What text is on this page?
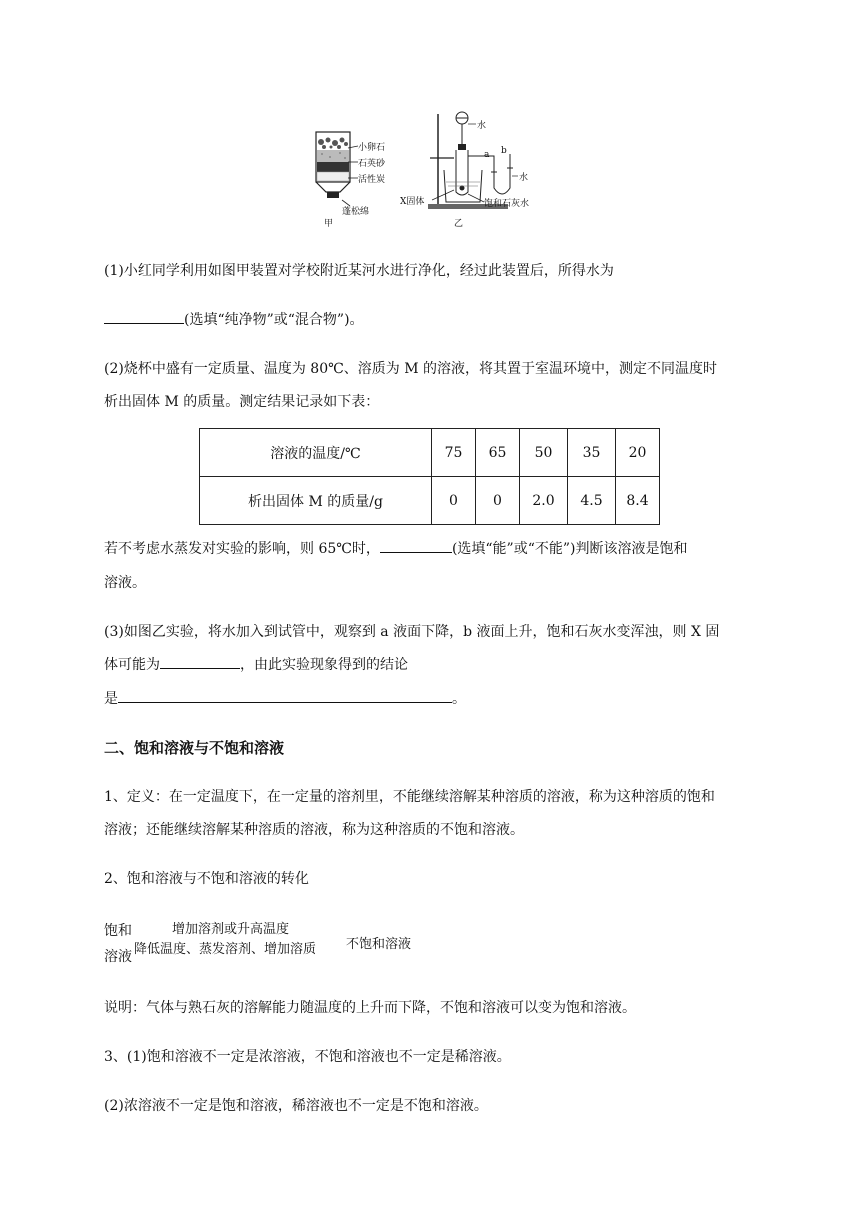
小卵石
石英砂
活性炭
蓬松绵
甲
水
a b
水
X固体	饱和石灰水
乙
(1)小红同学利用如图甲装置对学校附近某河水进行净化，经过此装置后，所得水为
(选填“纯净物”或“混合物”)。
(2)烧杯中盛有一定质量、温度为 80℃、溶质为 M 的溶液，将其置于室温环境中，测定不同温度时
析出固体 M 的质量。测定结果记录如下表：
溶液的温度/℃	75	65	50	35	20
析出固体 M 的质量/g	0	0	2.0	4.5	8.4
若不考虑水蒸发对实验的影响，则 65℃时，	(选填“能”或“不能”)判断该溶液是饱和
溶液。
(3)如图乙实验，将水加入到试管中，观察到 a 液面下降，b 液面上升，饱和石灰水变浑浊，则 X 固
体可能为	，由此实验现象得到的结论
是	。
二、饱和溶液与不饱和溶液
1、定义：在一定温度下，在一定量的溶剂里，不能继续溶解某种溶质的溶液，称为这种溶质的饱和
溶液；还能继续溶解某种溶质的溶液，称为这种溶质的不饱和溶液。
2、饱和溶液与不饱和溶液的转化
饱和
溶液
增加溶剂或升高温度
降低温度、蒸发溶剂、增加溶质 不饱和溶液
说明：气体与熟石灰的溶解能力随温度的上升而下降，不饱和溶液可以变为饱和溶液。
3、(1)饱和溶液不一定是浓溶液，不饱和溶液也不一定是稀溶液。
(2)浓溶液不一定是饱和溶液，稀溶液也不一定是不饱和溶液。
